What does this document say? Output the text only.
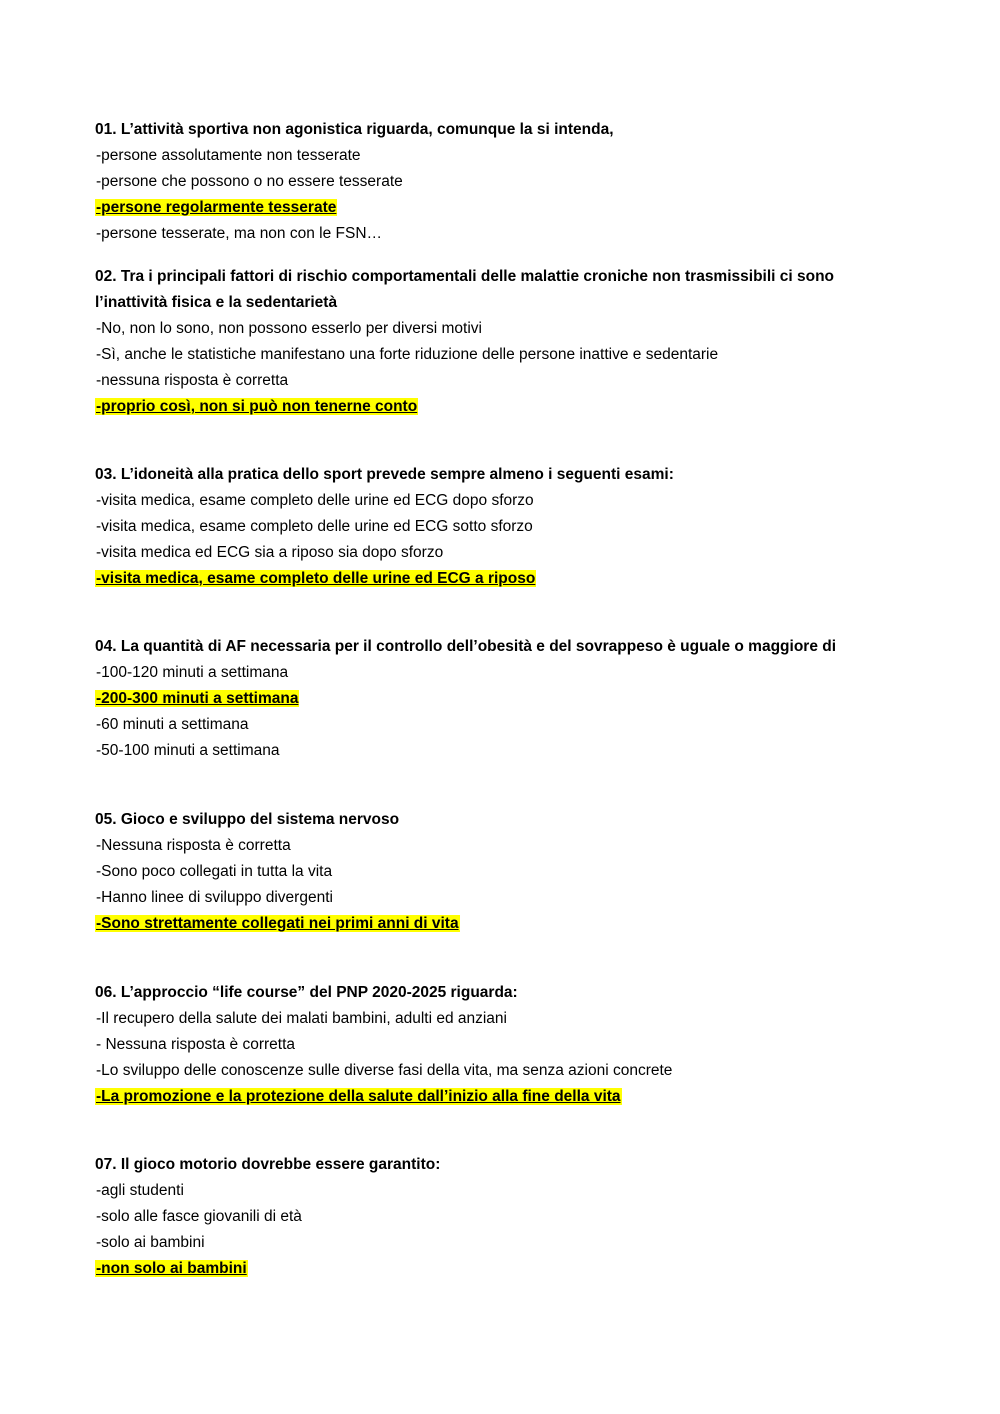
01. L’attività sportiva non agonistica riguarda, comunque la si intenda,
-persone assolutamente non tesserate
-persone che possono o no essere tesserate
-persone regolarmente tesserate
-persone tesserate, ma non con le FSN…
02. Tra i principali fattori di rischio comportamentali delle malattie croniche non trasmissibili ci sono l’inattività fisica e la sedentarietà
-No, non lo sono, non possono esserlo per diversi motivi
-Sì, anche le statistiche manifestano una forte riduzione delle persone inattive e sedentarie
-nessuna risposta è corretta
-proprio così, non si può non tenerne conto
03. L’idoneità alla pratica dello sport prevede sempre almeno i seguenti esami:
-visita medica, esame completo delle urine ed ECG dopo sforzo
-visita medica, esame completo delle urine ed ECG sotto sforzo
-visita medica ed ECG sia a riposo sia dopo sforzo
-visita medica, esame completo delle urine ed ECG a riposo
04. La quantità di AF necessaria per il controllo dell’obesità e del sovrappeso è uguale o maggiore di
-100-120 minuti a settimana
-200-300 minuti a settimana
-60 minuti a settimana
-50-100 minuti a settimana
05. Gioco e sviluppo del sistema nervoso
-Nessuna risposta è corretta
-Sono poco collegati in tutta la vita
-Hanno linee di sviluppo divergenti
-Sono strettamente collegati nei primi anni di vita
06. L’approccio “life course” del PNP 2020-2025 riguarda:
-Il recupero della salute dei malati bambini, adulti ed anziani
- Nessuna risposta è corretta
-Lo sviluppo delle conoscenze sulle diverse fasi della vita, ma senza azioni concrete
-La promozione e la protezione della salute dall’inizio alla fine della vita
07. Il gioco motorio dovrebbe essere garantito:
-agli studenti
-solo alle fasce giovanili di età
-solo ai bambini
-non solo ai bambini
